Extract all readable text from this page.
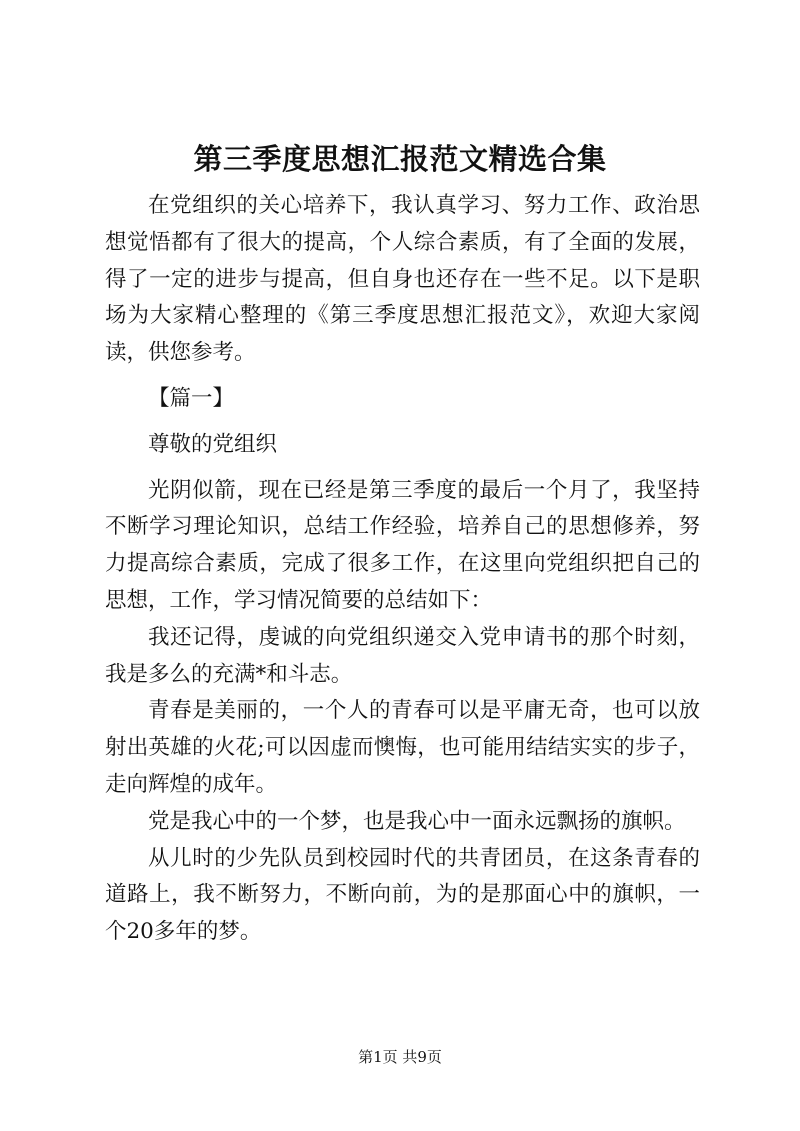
第三季度思想汇报范文精选合集

在党组织的关心培养下，我认真学习、努力工作、政治思想觉悟都有了很大的提高，个人综合素质，有了全面的发展，得了一定的进步与提高，但自身也还存在一些不足。以下是职场为大家精心整理的《第三季度思想汇报范文》，欢迎大家阅读，供您参考。

【篇一】

尊敬的党组织

光阴似箭，现在已经是第三季度的最后一个月了，我坚持不断学习理论知识，总结工作经验，培养自己的思想修养，努力提高综合素质，完成了很多工作，在这里向党组织把自己的思想，工作，学习情况简要的总结如下：

我还记得，虔诚的向党组织递交入党申请书的那个时刻，我是多么的充满*和斗志。

青春是美丽的，一个人的青春可以是平庸无奇，也可以放射出英雄的火花;可以因虚而懊悔，也可能用结结实实的步子，走向辉煌的成年。

党是我心中的一个梦，也是我心中一面永远飘扬的旗帜。

从儿时的少先队员到校园时代的共青团员，在这条青春的道路上，我不断努力，不断向前，为的是那面心中的旗帜，一个20多年的梦。

第1页 共9页
